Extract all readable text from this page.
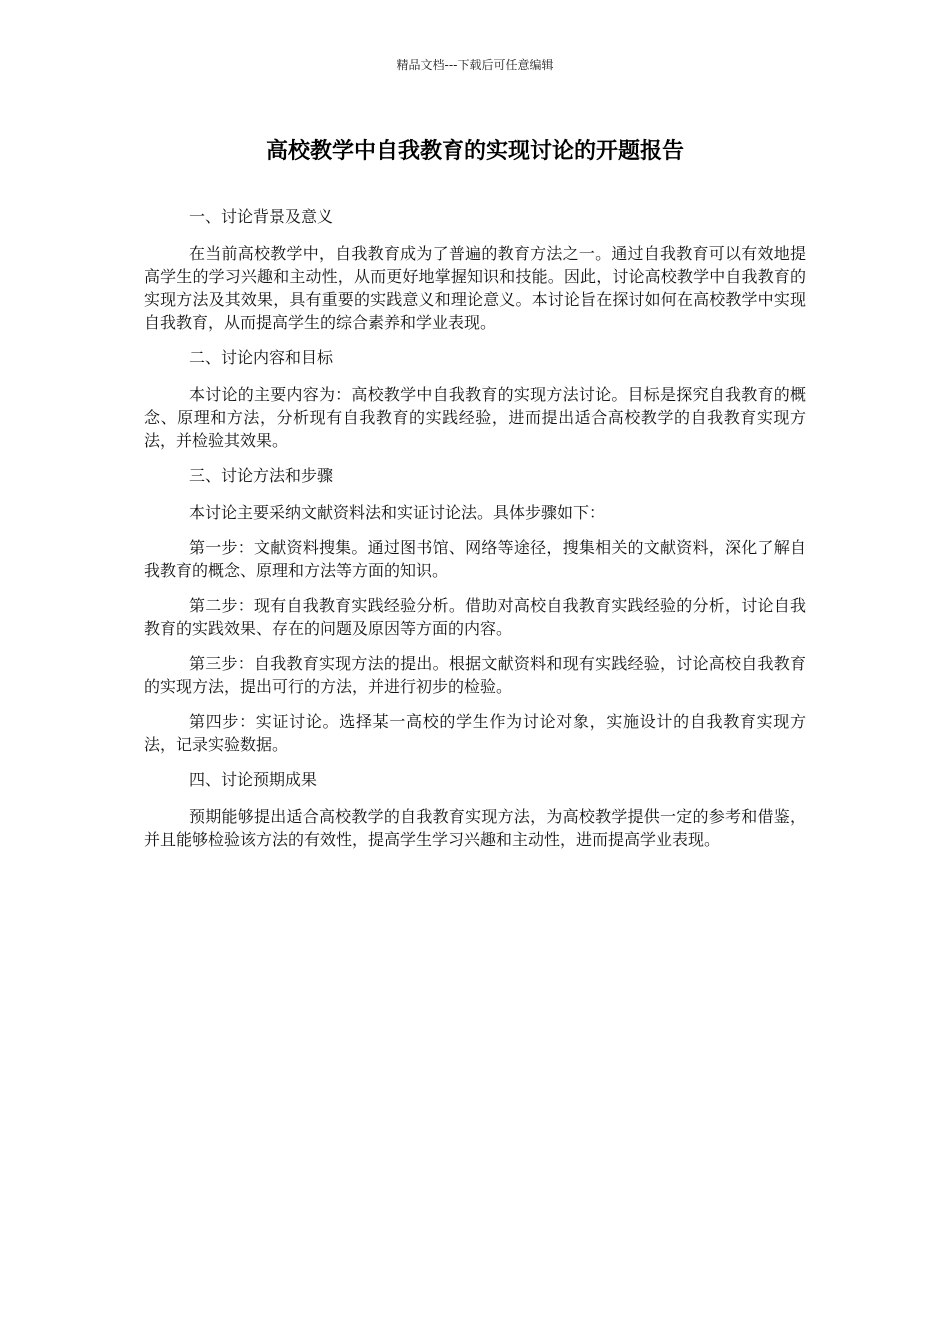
精品文档---下载后可任意编辑
高校教学中自我教育的实现讨论的开题报告

一、讨论背景及意义

在当前高校教学中，自我教育成为了普遍的教育方法之一。通过自我教育可以有效地提高学生的学习兴趣和主动性，从而更好地掌握知识和技能。因此，讨论高校教学中自我教育的实现方法及其效果，具有重要的实践意义和理论意义。本讨论旨在探讨如何在高校教学中实现自我教育，从而提高学生的综合素养和学业表现。

二、讨论内容和目标

本讨论的主要内容为：高校教学中自我教育的实现方法讨论。目标是探究自我教育的概念、原理和方法，分析现有自我教育的实践经验，进而提出适合高校教学的自我教育实现方法，并检验其效果。

三、讨论方法和步骤

本讨论主要采纳文献资料法和实证讨论法。具体步骤如下：

第一步：文献资料搜集。通过图书馆、网络等途径，搜集相关的文献资料，深化了解自我教育的概念、原理和方法等方面的知识。

第二步：现有自我教育实践经验分析。借助对高校自我教育实践经验的分析，讨论自我教育的实践效果、存在的问题及原因等方面的内容。

第三步：自我教育实现方法的提出。根据文献资料和现有实践经验，讨论高校自我教育的实现方法，提出可行的方法，并进行初步的检验。

第四步：实证讨论。选择某一高校的学生作为讨论对象，实施设计的自我教育实现方法，记录实验数据。

四、讨论预期成果

预期能够提出适合高校教学的自我教育实现方法，为高校教学提供一定的参考和借鉴，并且能够检验该方法的有效性，提高学生学习兴趣和主动性，进而提高学业表现。
